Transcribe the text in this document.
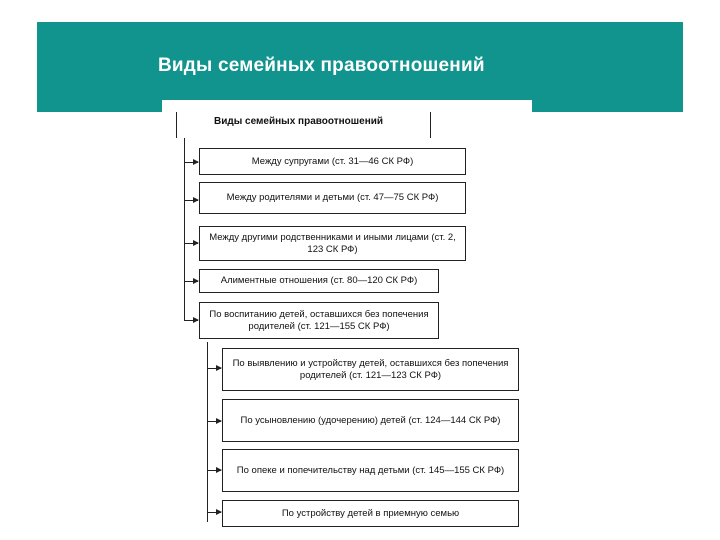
Виды семейных правоотношений
Виды семейных правоотношений
Между супругами (ст. 31—46 СК РФ)
Между родителями и детьми (ст. 47—75 СК РФ)
Между другими родственниками и иными лицами (ст. 2, 123 СК РФ)
Алиментные отношения (ст. 80—120 СК РФ)
По воспитанию детей, оставшихся без попечения родителей (ст. 121—155 СК РФ)
По выявлению и устройству детей, оставшихся без попечения родителей (ст. 121—123 СК РФ)
По усыновлению (удочерению) детей (ст. 124—144 СК РФ)
По опеке и попечительству над детьми (ст. 145—155 СК РФ)
По устройству детей в приемную семью
